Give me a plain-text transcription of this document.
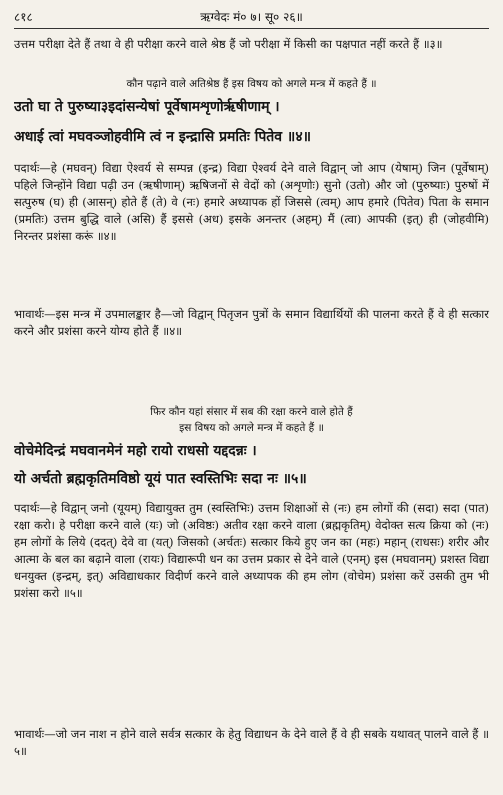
८१८	ऋग्वेदः मं० ७। सू० २६॥
उत्तम परीक्षा देते हैं तथा वे ही परीक्षा करने वाले श्रेष्ठ हैं जो परीक्षा में किसी का पक्षपात नहीं करते हैं ॥३॥
कौन पढ़ाने वाले अतिश्रेष्ठ हैं इस विषय को अगले मन्त्र में कहते हैं ॥
उतो घा ते पुरुष्या३इदांसन्येषां पूर्वेषामशृणोर्ऋषीणाम् ।
अधाई त्वां मघवञ्जोहवीमि त्वं न इन्द्रासि प्रमतिः पितेव ॥४॥
पदार्थः—हे (मघवन्) विद्या ऐश्वर्य से सम्पन्न (इन्द्र) विद्या ऐश्वर्य देने वाले विद्वान् जो आप (येषाम्) जिन (पूर्वेषाम्) पहिले जिन्होंने विद्या पढ़ी उन (ऋषीणाम्) ऋषिजनों से वेदों को (अशृणोः) सुनो (उतो) और जो (पुरुष्याः) पुरुषों में सत्पुरुष (घ) ही (आसन्) होते हैं (ते) वे (नः) हमारे अध्यापक हों जिससे (त्वम्) आप हमारे (पितेव) पिता के समान (प्रमतिः) उत्तम बुद्धि वाले (असि) हैं इससे (अध) इसके अनन्तर (अहम्) मैं (त्वा) आपकी (इत्) ही (जोहवीमि) निरन्तर प्रशंसा करूं ॥४॥
भावार्थः—इस मन्त्र में उपमालङ्कार है—जो विद्वान् पितृजन पुत्रों के समान विद्यार्थियों की पालना करते हैं वे ही सत्कार करने और प्रशंसा करने योग्य होते हैं ॥४॥
फिर कौन यहां संसार में सब की रक्षा करने वाले होते हैं
इस विषय को अगले मन्त्र में कहते हैं ॥
वोचेमेदिन्द्रं मघवानमेनं महो रायो राधसो यद्ददन्नः ।
यो अर्चतो ब्रह्मकृतिमविष्ठो यूयं पात स्वस्तिभिः सदा नः ॥५॥
पदार्थः—हे विद्वान् जनो (यूयम्) विद्यायुक्त तुम (स्वस्तिभिः) उत्तम शिक्षाओं से (नः) हम लोगों की (सदा) सदा (पात) रक्षा करो। हे परीक्षा करने वाले (यः) जो (अविष्ठः) अतीव रक्षा करने वाला (ब्रह्मकृतिम्) वेदोक्त सत्य क्रिया को (नः) हम लोगों के लिये (ददत्) देवे वा (यत्) जिसको (अर्चतः) सत्कार किये हुए जन का (महः) महान् (राधसः) शरीर और आत्मा के बल का बढ़ाने वाला (रायः) विद्यारूपी धन का उत्तम प्रकार से देने वाले (एनम्) इस (मघवानम्) प्रशस्त विद्या धनयुक्त (इन्द्रम्, इत्) अविद्याधकार विदीर्ण करने वाले अध्यापक की हम लोग (वोचेम) प्रशंसा करें उसकी तुम भी प्रशंसा करो ॥५॥
भावार्थः—जो जन नाश न होने वाले सर्वत्र सत्कार के हेतु विद्याधन के देने वाले हैं वे ही सबके यथावत् पालने वाले हैं ॥५॥
